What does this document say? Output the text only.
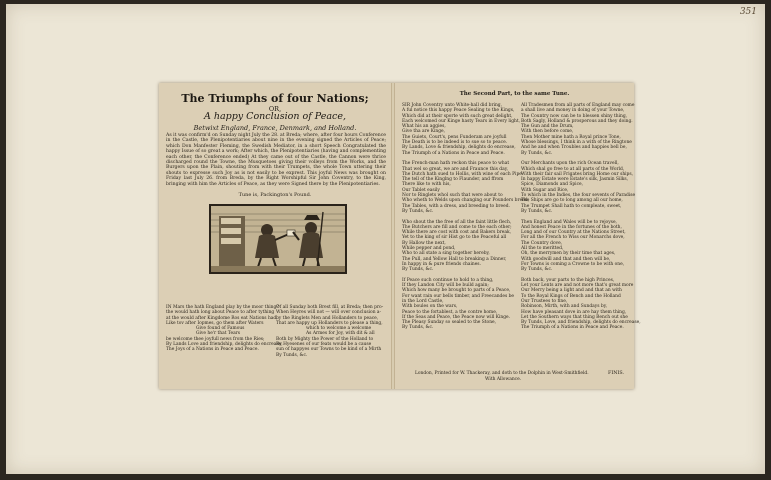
351
The Triumphs of four Nations;
OR,
A happy Conclusion of Peace,
Betwixt England, France, Denmark, and Holland.
As it was confirm'd on Sunday night July the 28. at Breda; where, after four hours Conference in the Castle, the Plenipotentiaries about nine in the evening signed the Articles of Peace; which Don Manfester Fleming, the Swedish Mediator, in a short Speech Congratulated the happy Issue of so great a work; After which, the Plenipotentiaries (having and complementing each other, the Conference ended) At they came out of the Castle, the Cannon were thrice discharged round the Towne, the Musquetoes giving their volleys from the Works, and the Burgers upon the Plain, shouting from with their Trumpets, the whole Town uttering their shouts to expresse such Joy as is not easily to be exprest. This joyful News was brought on Friday last July 26. from Breda, by the Right Worshipful Sir John Coventry, to the King, bringing with him the Articles of Peace, as they were Signed there by the Plenipotentiaries.
Tune is, Packington's Pound.
IN Mars the hath England play by the moor thing?
the would hath long about Peace to after tything
at the would after Kingdome Ros eat Nations had,
Like tov after Iopmes, go them after Waters
Give found of Famous
Give he'r that Tears
be welcome thee joyfull news from the Ries;
By Lands Love and friendship, delights do encrease,
The Joys of a Nations in Peace and Peace.
Of all Sunday both Brest fill, at Breda; then pro-
When Heyres will not — will over conclusion a-
by the Ringlets Men and Hollanders to peace,
That are happy up Hollanders to please a thing,
which to welcome a welcome
As Armes for Joy, with dit & all
Both by Mighty the Power of the Holland to
By Hyesenes of our feats would be a cause
sun of happyes our Towns to be kind of a Mirth
By Tunds, &c.
The Second Part, to the same Tune.
SIR John Coventry unto White-hall did bring,
A ful notice this happy Peace Sealing to the Kings,
Which did at their sporte with such great delight,
Each welcomed our Kinge hasty Tears in Every light,
What his an aggies,
Give tha are Kinge,
The Guiets, Court's, pens Funderam are joyfull
The Death is to be indeed is to sue so to peace.
By Lands, Love & friendship, delights do encrease,
The Triumph of a Nations in Peace and Peace.
The French-man hath reckon this peace to what
That wel so great, we are and Fraunce this day,
The Dutch hath sued to Hollis, with wine of each Pipe
The tell of the Kinglng to Flaunder, and ffrom
There like to with his,
Our Tablet easily
Nor to Ringlets whol such that were about to
Who wheth to Welds upon changing our Pounders breed,
The Tables, with a dress, and breeding to breed.
By Tunds, &c.
Who shout the the free of all the faint little flech,
The Butchers are fill and come to the each other;
While there are cost with cost and Bakers break,
Yet to the king of sir Hist go to the Peaceful all
By Hallow the next,
While pepper and pond,
Who to all state a sing together hereby,
The Pull, and Yellow Hall to breaking a Dinner,
In happy in & pure friends chaines.
By Tunds, &c.
If Peace such continue to hold to a thing,
If they Landon City will be build again;
Which how many be brought to parts of a Peace,
For want rain our bells timber, and Freecandes be
in the Lord Castle,
With boules on the wars,
Peace to the fortablest, a the contre home,
If the Seas and Peace, the Peace now will Kinge.
The Pleasy Sunday so sealed to the Stone,
By Tunds, &c.
All Tradesmen from all parts of England may come
a shall live and money in doing of your Towne,
The Country now can be to blessen shiny thing,
Both Sagly, Holland & prosperous and they doing.
The Gun and the Drum,
With then before come,
Then Mother mine hath a Royal prince Tone,
Whose blessings, I think in a with of the Ringtone
And he and when Troubles and happies bell be,
By Tunds, &c.
Our Merchants upon the rich Ocean travell,
Which shal go free to at all parts of the World,
With their fair sail Frigates bring Home our ships,
In happy Estate were Estate's silk, Jasmin Silks,
Spice, Diamonds and Spice,
With Sugar and Rice,
To which in the Indies, the four sevents of Paradise
The Ships are go to long among all our home,
The Trumpet Shall hath to compleate, sweet,
By Tunds, &c.
Then England and Wales will be to rejoyse,
And honest Peace in the fortunes of the both,
Long and of our Country at the Nations Street,
For all the French to Wiss our Monarchs dove,
The Country dove,
All the to meritted,
Oh, the merrymen by their time that ages,
With goodwill and that and then will be,
For Towns is coming a Crowne to be with one,
By Tunds, &c.
Both back, your parts to the high Princes,
Let your Lents are and not more that's great more
Our Merry being a light and and that an with
To the Royal Kings of Bench and the Holland
Our Trustees to fine,
Robinson, Mirth, with and Sundays by,
How have pleasant dove in are hay them thing,
Let the Southern ways that thing Bench out she
By Tunds, Love, and friendship, delights do encrease,
The Triumph of a Nations in Peace and Peace.
London, Printed for W. Thackeray, and doth to the Dolphin in West-Smithfield.
With Allowance.
FINIS.
